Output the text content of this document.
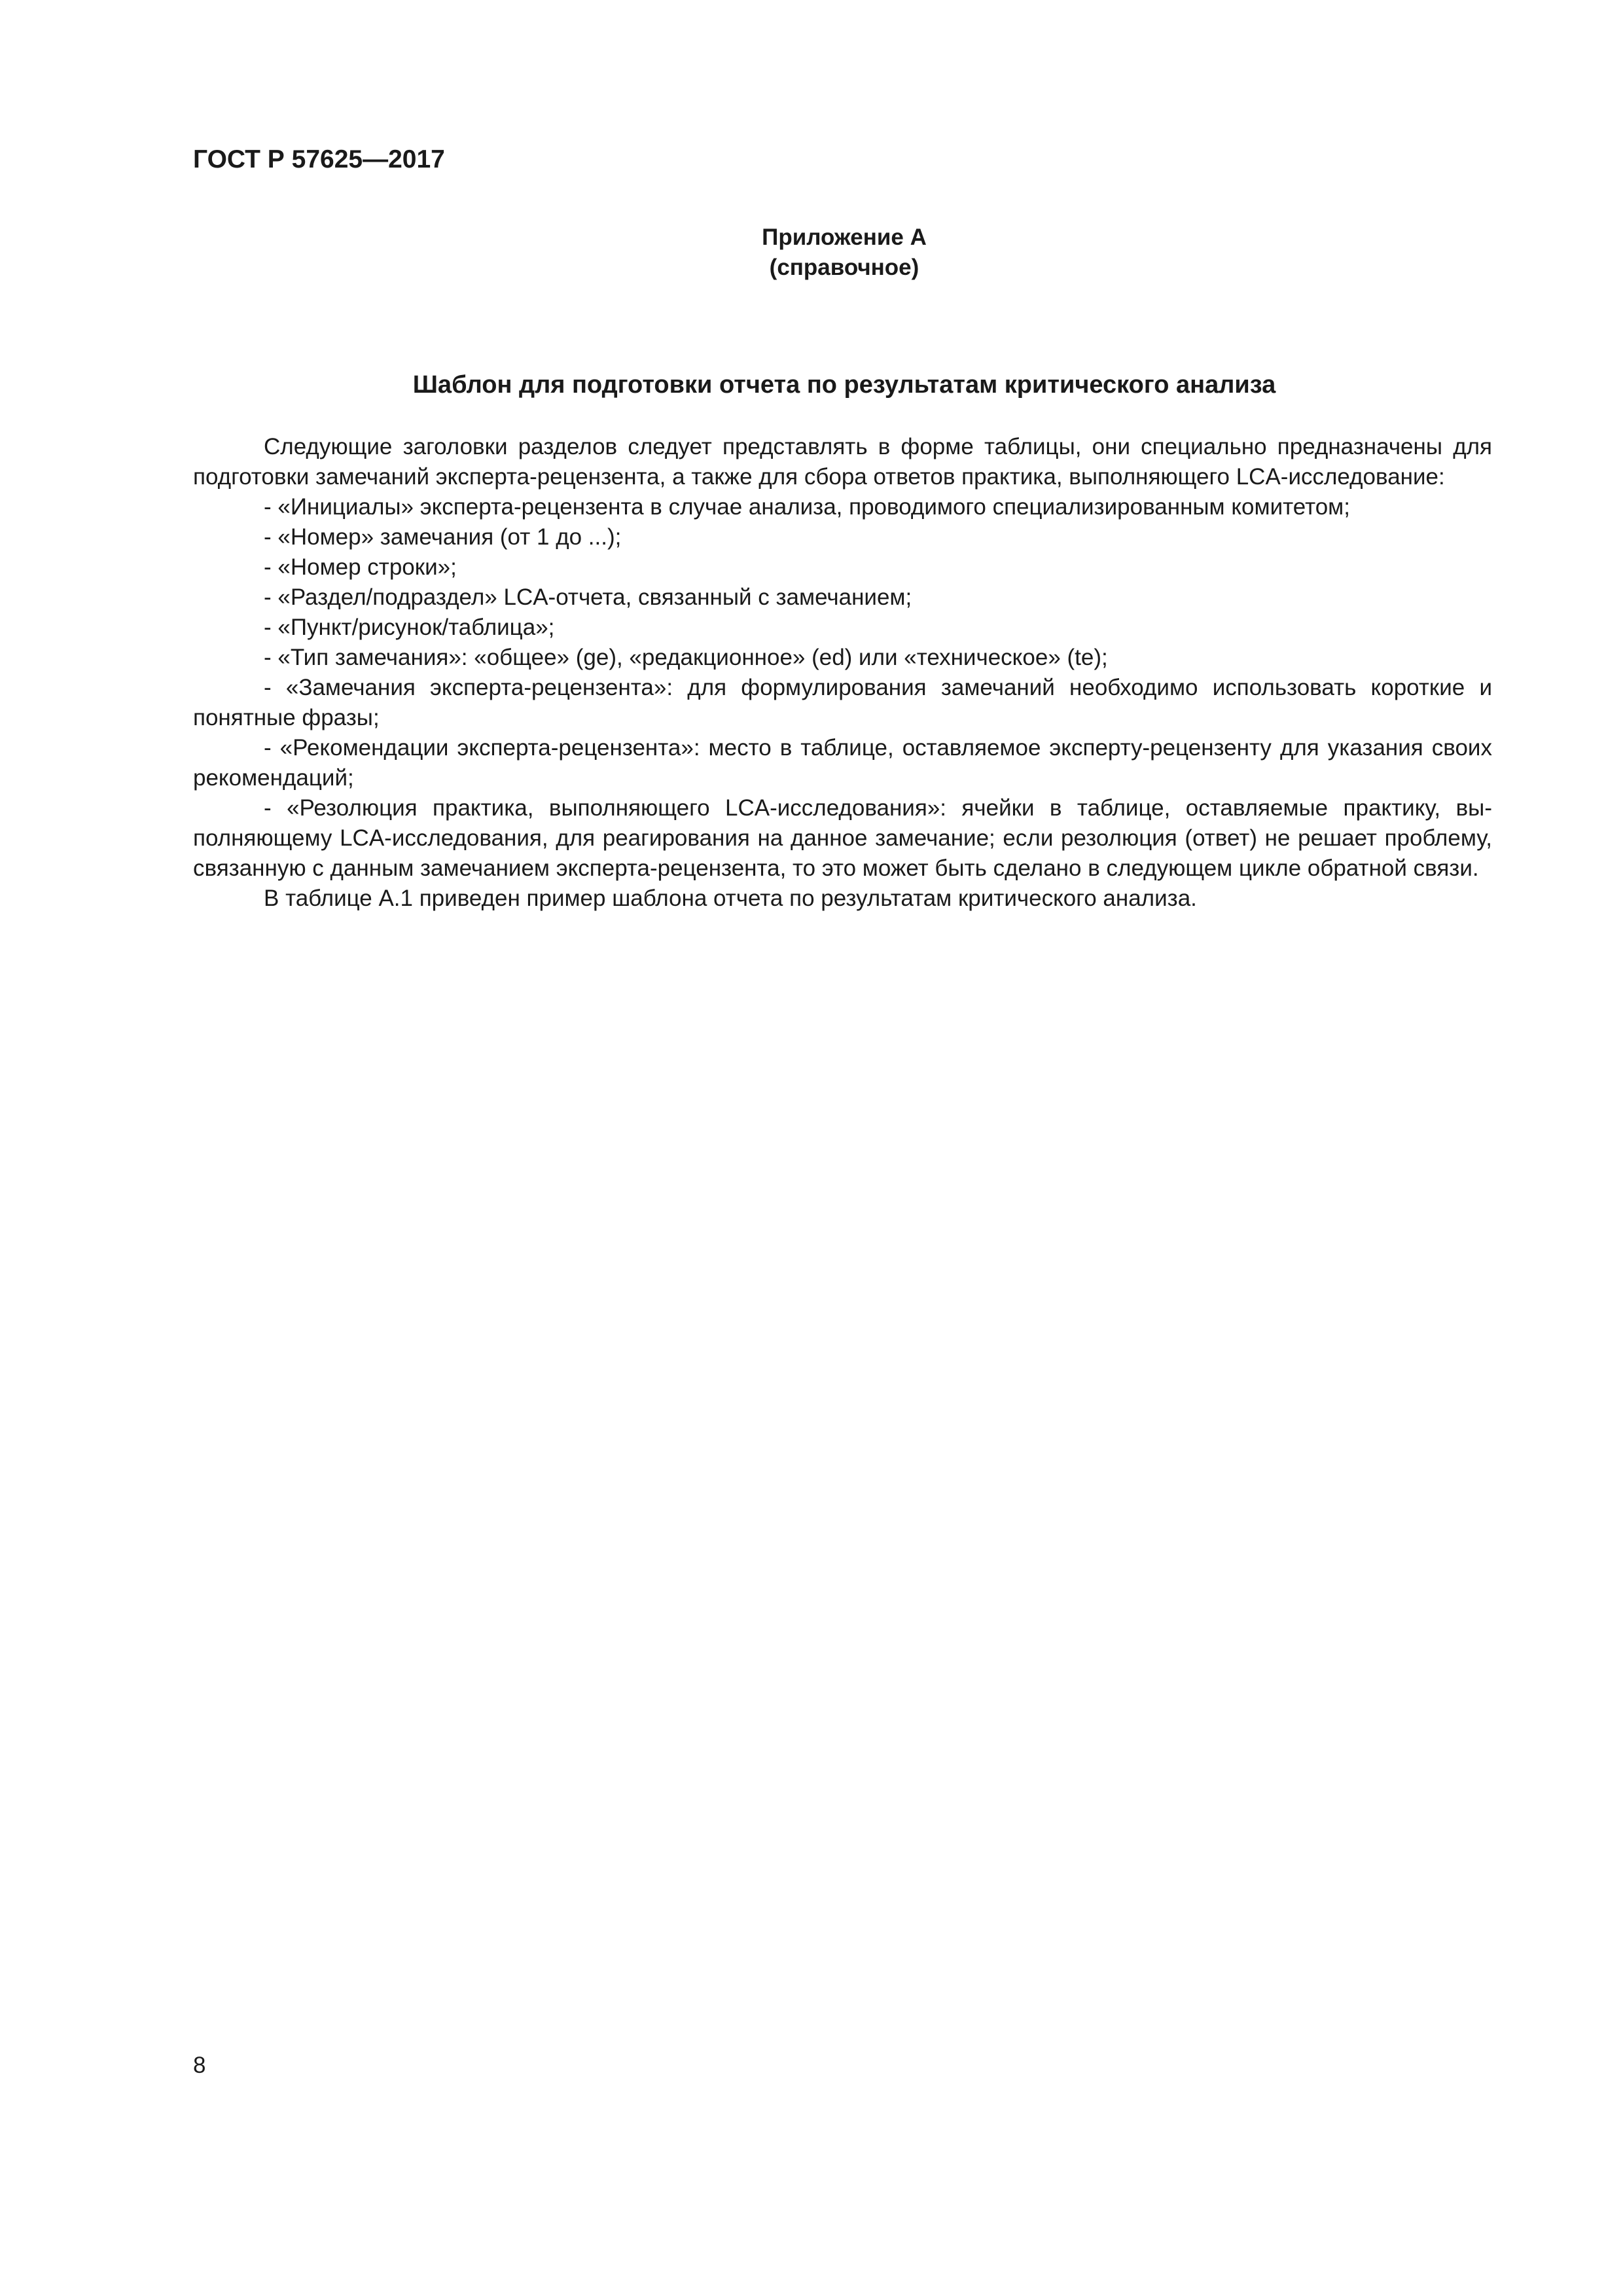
ГОСТ Р 57625—2017
Приложение А
(справочное)
Шаблон для подготовки отчета по результатам критического анализа

Следующие заголовки разделов следует представлять в форме таблицы, они специально предназначены для подготовки замечаний эксперта-рецензента, а также для сбора ответов практика, выполняющего LCA-исследование:

- «Инициалы» эксперта-рецензента в случае анализа, проводимого специализированным комитетом;

- «Номер» замечания (от 1 до ...);

- «Номер строки»;

- «Раздел/подраздел» LCA-отчета, связанный с замечанием;

- «Пункт/рисунок/таблица»;

- «Тип замечания»: «общее» (ge), «редакционное» (ed) или «техническое» (te);

- «Замечания эксперта-рецензента»: для формулирования замечаний необходимо использовать короткие и понятные фразы;

- «Рекомендации эксперта-рецензента»: место в таблице, оставляемое эксперту-рецензенту для указания своих рекомендаций;

- «Резолюция практика, выполняющего LCA-исследования»: ячейки в таблице, оставляемые практику, выполняющему LCA-исследования, для реагирования на данное замечание; если резолюция (ответ) не решает проблему, связанную с данным замечанием эксперта-рецензента, то это может быть сделано в следующем цикле обратной связи.

В таблице А.1 приведен пример шаблона отчета по результатам критического анализа.

8
